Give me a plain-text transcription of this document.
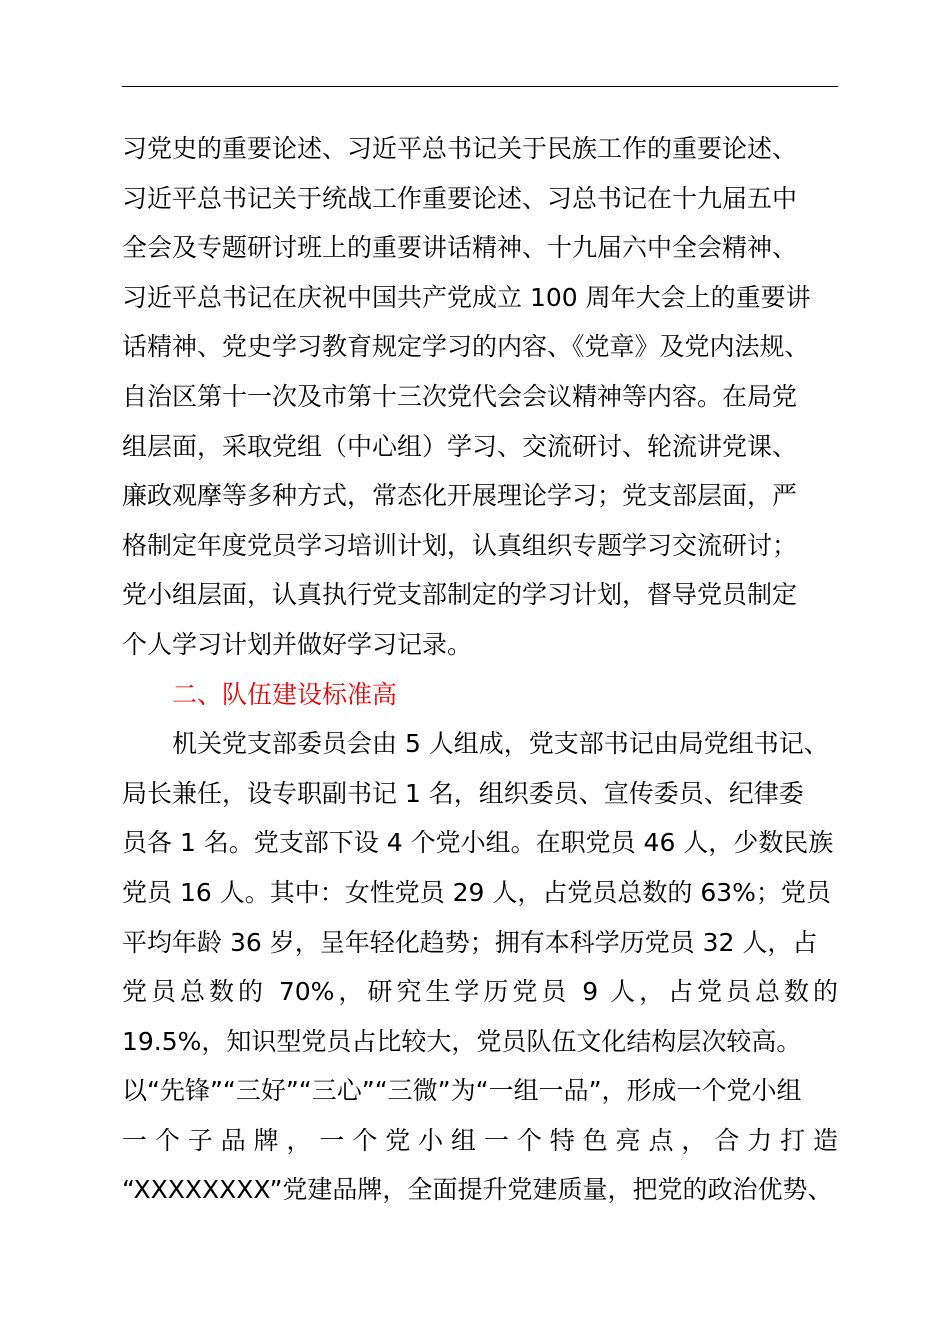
习党史的重要论述、习近平总书记关于民族工作的重要论述、
习近平总书记关于统战工作重要论述、习总书记在十九届五中
全会及专题研讨班上的重要讲话精神、十九届六中全会精神、
习近平总书记在庆祝中国共产党成立 100 周年大会上的重要讲
话精神、党史学习教育规定学习的内容、《党章》及党内法规、
自治区第十一次及市第十三次党代会会议精神等内容。在局党
组层面，采取党组（中心组）学习、交流研讨、轮流讲党课、
廉政观摩等多种方式，常态化开展理论学习；党支部层面，严
格制定年度党员学习培训计划，认真组织专题学习交流研讨；
党小组层面，认真执行党支部制定的学习计划，督导党员制定
个人学习计划并做好学习记录。
二、队伍建设标准高
机关党支部委员会由 5 人组成，党支部书记由局党组书记、
局长兼任，设专职副书记 1 名，组织委员、宣传委员、纪律委
员各 1 名。党支部下设 4 个党小组。在职党员 46 人，少数民族
党员 16 人。其中：女性党员 29 人，占党员总数的 63%；党员
平均年龄 36 岁，呈年轻化趋势；拥有本科学历党员 32 人，占
党员总数的 70%，研究生学历党员 9 人，占党员总数的
19.5%，知识型党员占比较大，党员队伍文化结构层次较高。
以“先锋”“三好”“三心”“三微”为“一组一品”，形成一个党小组
一个子品牌，一个党小组一个特色亮点，合力打造
“XXXXXXXX”党建品牌，全面提升党建质量，把党的政治优势、
